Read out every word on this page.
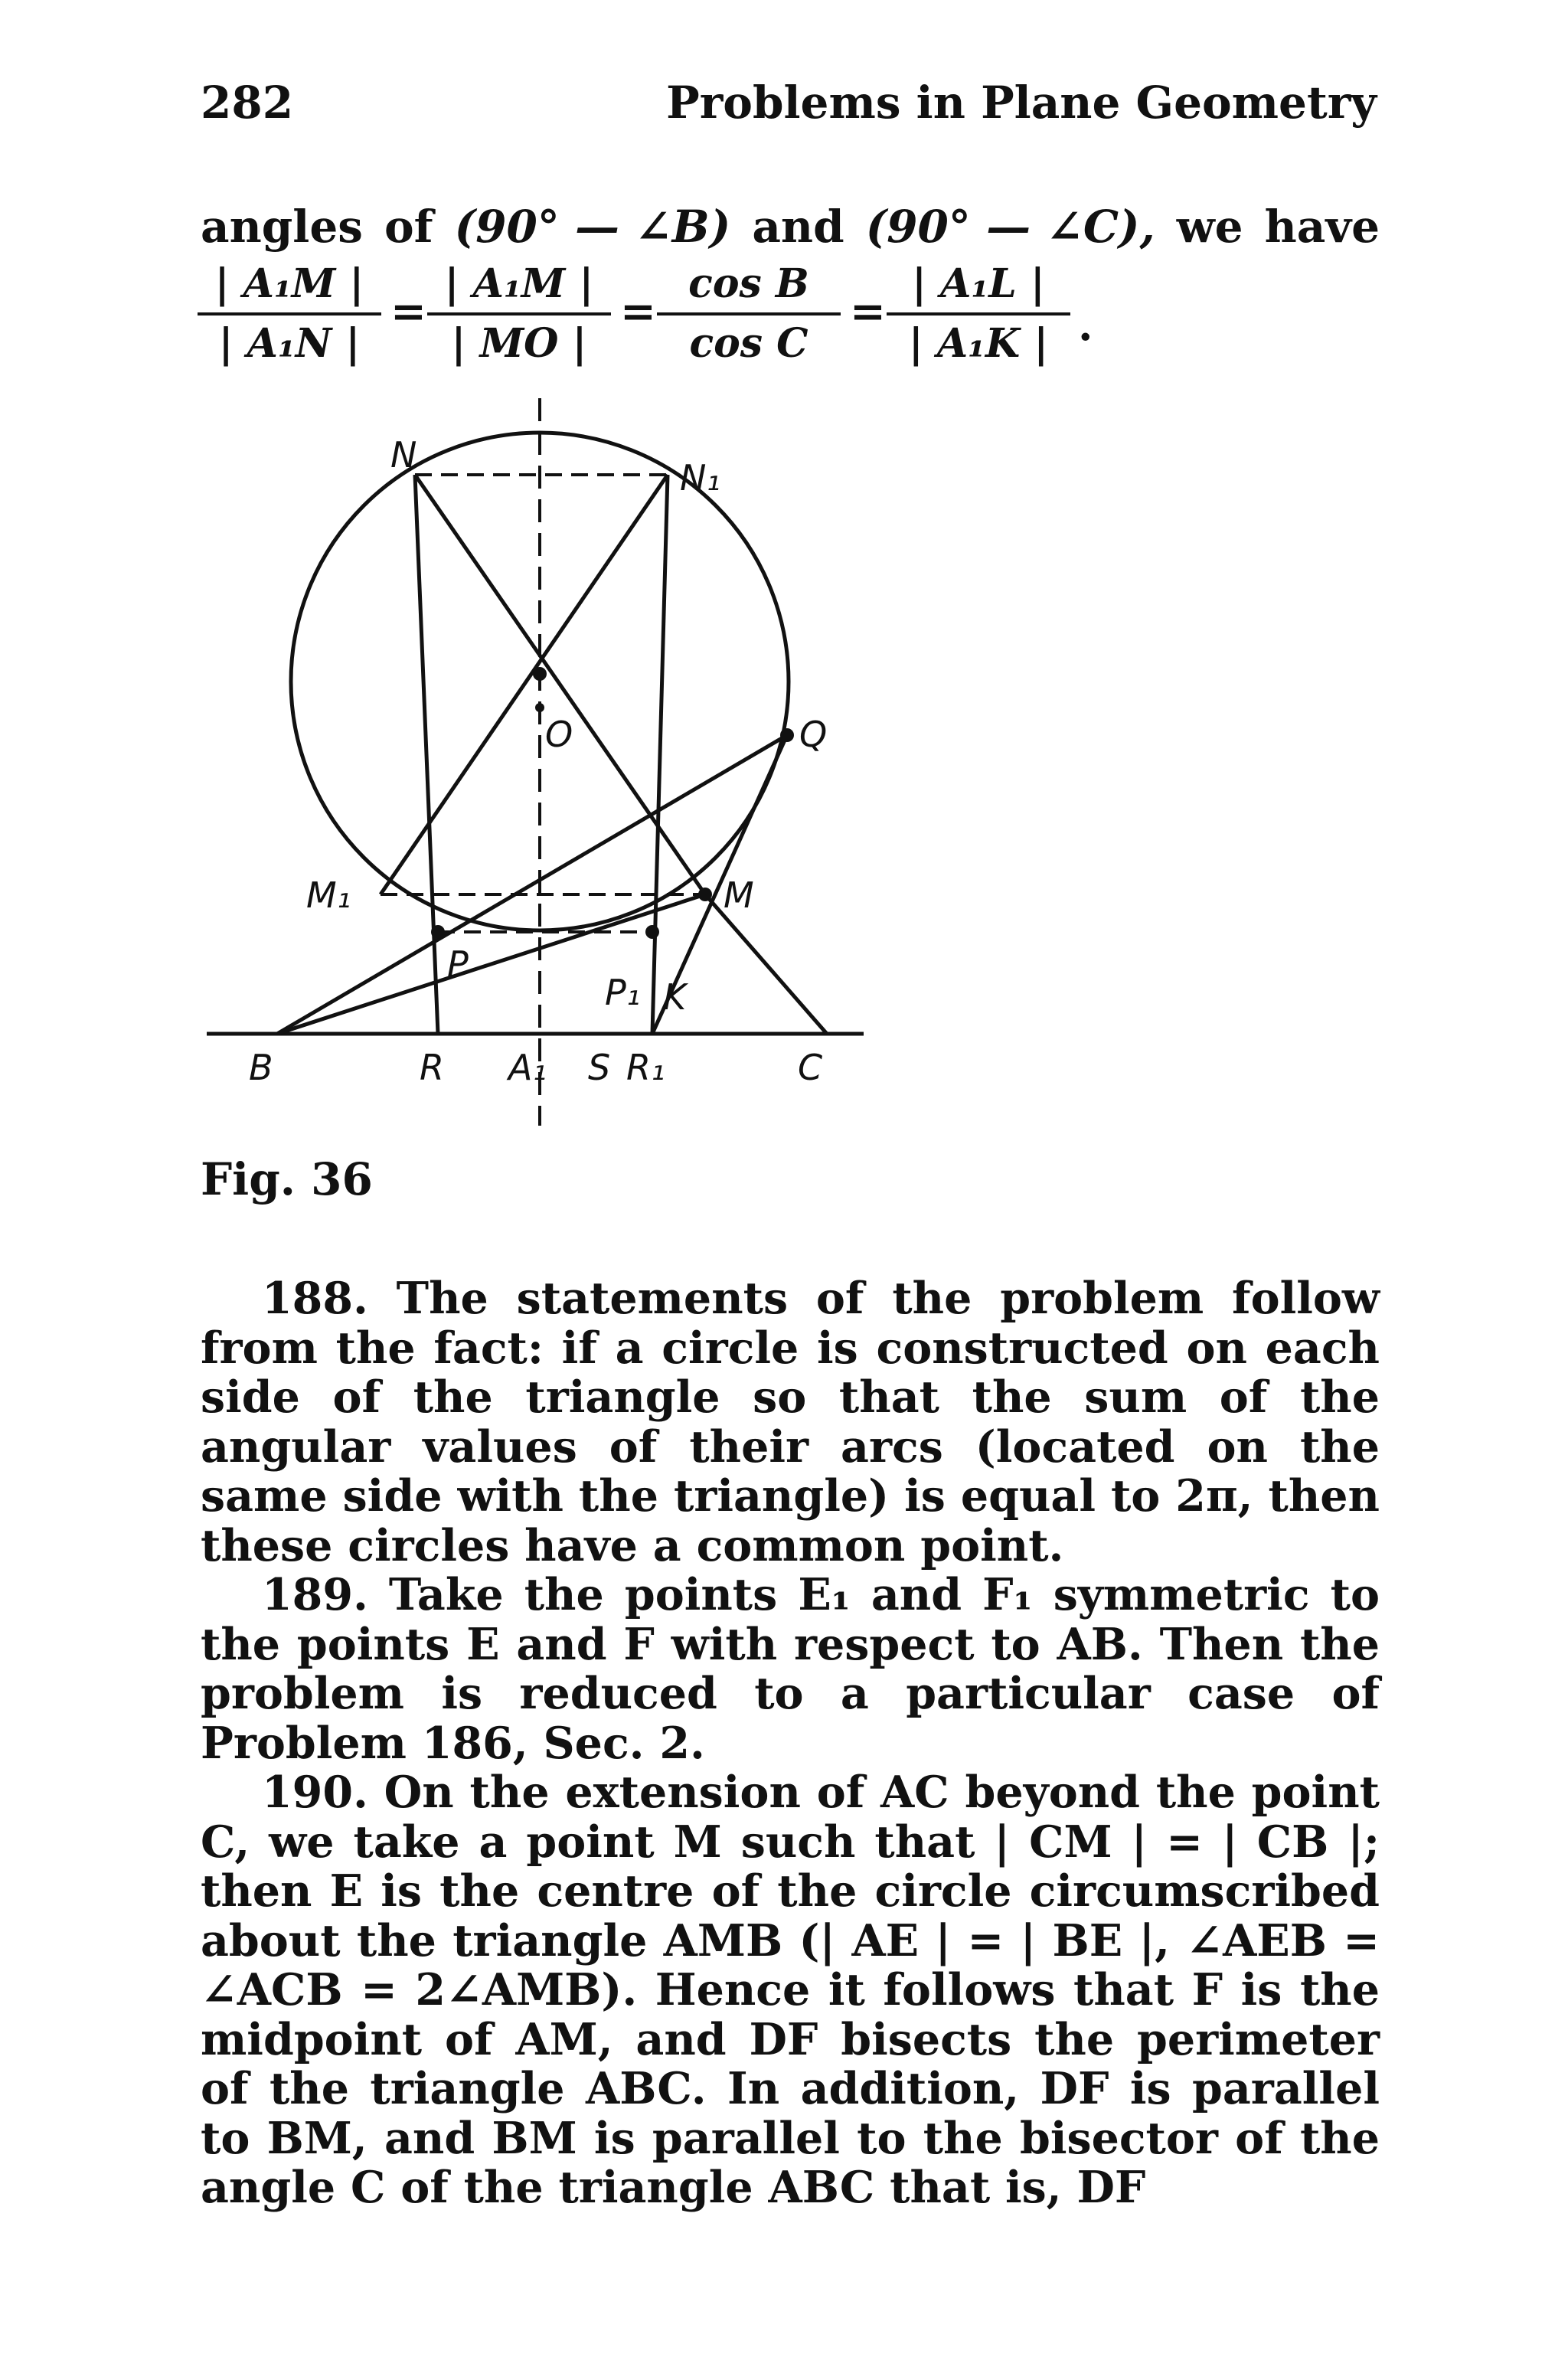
282	Problems in Plane Geometry
angles of (90° — ∠B) and (90° — ∠C), we have
| A₁M |
| A₁N |
=
| A₁M |
| MO |
=
cos B
cos C
=
| A₁L |
| A₁K | .
N
N₁
O	Q
M₁	M
P
P₁ K
B	R A₁ S R₁	C
Fig. 36

188. The statements of the problem follow from the fact: if a circle is constructed on each side of the triangle so that the sum of the angular values of their arcs (located on the same side with the triangle) is equal to 2π, then these circles have a common point.

189. Take the points E₁ and F₁ symmetric to the points E and F with respect to AB. Then the problem is reduced to a particular case of Problem 186, Sec. 2.

190. On the extension of AC beyond the point C, we take a point M such that | CM | = | CB |; then E is the centre of the circle circumscribed about the triangle AMB (| AE | = | BE |, ∠AEB = ∠ACB = 2∠AMB). Hence it follows that F is the midpoint of AM, and DF bisects the perimeter of the triangle ABC. In addition, DF is parallel to BM, and BM is parallel to the bisector of the angle C of the triangle ABC that is, DF
